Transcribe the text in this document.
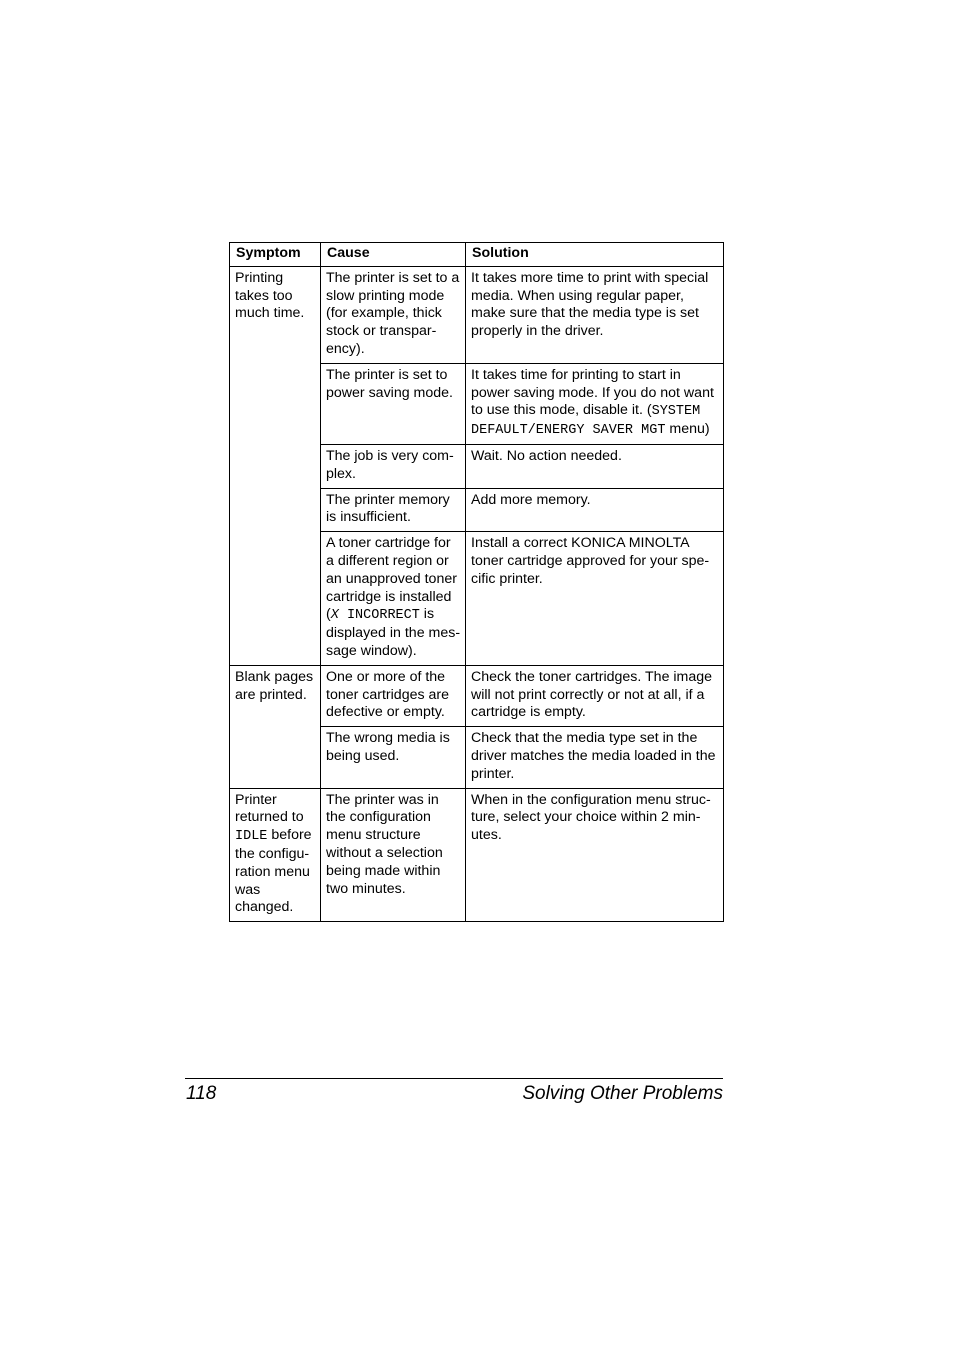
Symptom	Cause	Solution
Printing takes too much time.	The printer is set to a slow printing mode (for example, thick stock or transpar-ency).	It takes more time to print with special media. When using regular paper, make sure that the media type is set properly in the driver.
	The printer is set to power saving mode.	It takes time for printing to start in power saving mode. If you do not want to use this mode, disable it. (SYSTEM DEFAULT/ENERGY SAVER MGT menu)
	The job is very com-plex.	Wait. No action needed.
	The printer memory is insufficient.	Add more memory.
	A toner cartridge for a different region or an unapproved toner cartridge is installed (X INCORRECT is displayed in the mes-sage window).	Install a correct KONICA MINOLTA toner cartridge approved for your spe-cific printer.
Blank pages are printed.	One or more of the toner cartridges are defective or empty.	Check the toner cartridges. The image will not print correctly or not at all, if a cartridge is empty.
	The wrong media is being used.	Check that the media type set in the driver matches the media loaded in the printer.
Printer returned to IDLE before the configu-ration menu was changed.	The printer was in the configuration menu structure without a selection being made within two minutes.	When in the configuration menu struc-ture, select your choice within 2 min-utes.
118	Solving Other Problems
